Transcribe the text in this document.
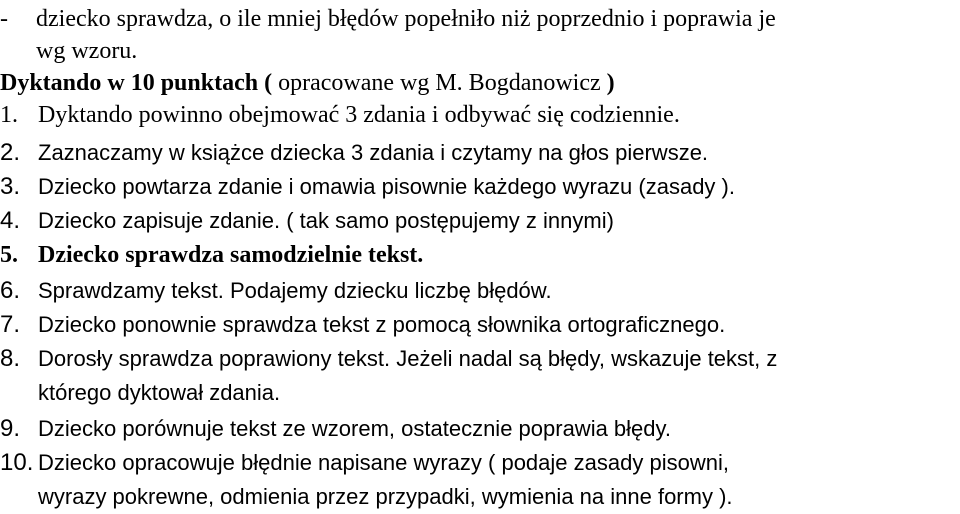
- dziecko sprawdza, o ile mniej błędów popełniło niż poprzednio i poprawia je
wg wzoru.
Dyktando w 10 punktach ( opracowane wg M. Bogdanowicz )
1. Dyktando powinno obejmować 3 zdania i odbywać się codziennie.
2. Zaznaczamy w książce dziecka 3 zdania i czytamy na głos pierwsze.
3. Dziecko powtarza zdanie i omawia pisownie każdego wyrazu (zasady ).
4. Dziecko zapisuje zdanie. ( tak samo postępujemy z innymi)
5. Dziecko sprawdza samodzielnie tekst.
6. Sprawdzamy tekst. Podajemy dziecku liczbę błędów.
7. Dziecko ponownie sprawdza tekst z pomocą słownika ortograficznego.
8. Dorosły sprawdza poprawiony tekst. Jeżeli nadal są błędy, wskazuje tekst, z
którego dyktował zdania.
9. Dziecko porównuje tekst ze wzorem, ostatecznie poprawia błędy.
10. Dziecko opracowuje błędnie napisane wyrazy ( podaje zasady pisowni,
wyrazy pokrewne, odmienia przez przypadki, wymienia na inne formy ).
